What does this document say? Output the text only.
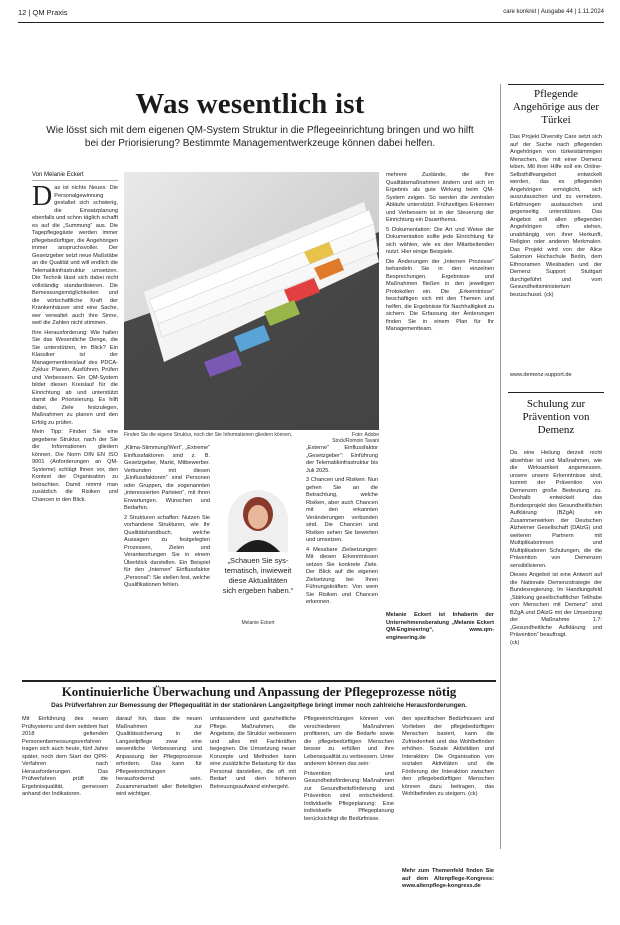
12 | QM Praxis	care konkret | Ausgabe 44 | 1.11.2024
Was wesentlich ist
Wie lösst sich mit dem eigenen QM-System Struktur in die Pflegeeinrichtung bringen und wo hilft bei der Priorisierung? Bestimmte Managementwerkzeuge können dabei helfen.
Von Melanie Eckert

Das ist nichts Neues: Die Personalgewinnung gestaltet sich schwierig, die Einsatzplanung ebenfalls und schon täglich schafft es auf die „Summung“ aus. Die Tagepflegegäste werden immer pflegebedürftiger, die Angehörigen immer anspruchsvoller. Der Gesetzgeber setzt neue Maßstäbe an die Qualität und will endlich die Telematikinfrastruktur umsetzen. Die Technik lässt sich dabei nicht vollständig standardisieren. Die Bemessungsmöglichkeiten und die wirtschaftliche Kraft der Krankenhäuser sind eine Sache, wer verwaltet auch ihre Sinne, weil die Zahlen nicht stimmen.

Ihre Herausforderung: Wie halten Sie das Wesentliche Denge, die Sie unterstützen, im Blick? Ein Klassiker ist der Managementkreislauf des PDCA-Zyklus: Planen, Ausführen, Prüfen und Verbessern. Ein QM-System bildet diesen Kreislauf für die Einrichtung ab und unterstützt damit die Priorisierung. Es hilft dabei, Ziele festzulegen, Maßnahmen zu planen und den Erfolg zu prüfen.

Mein Tipp: Finden Sie eine gegebene Struktur, nach der Sie die Informationen gliedern können. Die Norm DIN EN ISO 9001 (Anforderungen an QM-Systeme) schlägt Ihnen vor, den Kontext der Organisation zu betrachten. Damit nimmt man zusätzlich die Risiken und Chancen in den Blick.

Finden Sie die eigene Struktur, noch der Sie Informationen gliedern können.	Foto: Adobe Stock/Romolo Tavani

„Klima-Stimmung/Wert“, „Extreme“ Einflussfaktoren sind z. B. Gesetzgeber, Markt, Mitbewerber. Verbunden mit diesen „Einflussfaktoren“ sind Personen oder Gruppen, die sogenannten „interessierten Parteien“, mit ihren Erwartungen. Wünschen und Bedarfen.

2 Strukturen schaffen: Nutzen Sie vorhandene Strukturen, wie Ihr Qualitätshandbuch, welche Aussagen zu festgelegten Prozessen, Zielen und Verantwortungen Sie in einem Überblick darstellen. Ein Beispiel für den „Internen“ Einflussfaktor „Personal“: Sie stellen fest, welche Qualifikationen fehlen.

„Schauen Sie systematisch, inwieweit diese Aktualitäten sich ergeben haben.“
Melanie Eckert

„Externe“ Einflussfaktor „Gesetzgeber“: Einführung der Telematikinfrastruktur bis Juli 2025.

3 Chancen und Risiken: Nun gehen Sie an die Betrachtung, welche Risiken, aber auch Chancen mit den erkannten Veränderungen verbunden sind. Die Chancen und Risiken sehen Sie bewerten und umsetzen.

4 Messbare Zielsetzungen: Mit diesen Erkenntnissen setzen Sie konkrete Ziele. Der Blick auf die eigenen Zielsetzung bei Ihren Führungskräften: Von wem Sie Risiken und Chancen erkennen.

mehrere Zustände, die Ihre Qualitätsmaßnahmen ändern und sich im Ergebnis als gute Wirkung beim QM-System zeigen. So werden die zentralen Abläufe unterstützt. Frühzeitiges Erkennen und Verbessern ist in der Steuerung der Einrichtung ein Dauerthema.

5 Dokumentation: Die Art und Weise der Dokumentation sollte jede Einrichtung für sich wählen, wie es den Mitarbeitenden nutzt. Hier einige Beispiele.

Die Änderungen der „Internen Prozesse“ behandeln Sie in den einzelnen Besprechungen. Ergebnisse und Maßnahmen fließen in den jeweiligen Protokollen ein. Die „Erkenntnisse“ beschäftigen sich mit den Themen und helfen, die Ergebnisse für Nachhaltigkeit zu sichern. Die Erfassung der Änderungen finden Sie in einem Plan für Ihr Managementteam.

Melanie Eckert ist Inhaberin der Unternehmensberatung „Melanie Eckert QM-Engineering“, www.qm-engineering.de
Pflegende Angehörige aus der Türkei
Das Projekt Diversity Care setzt sich auf der Suche nach pflegenden Angehörigen von türkeistämmigen Menschen, die mit einer Demenz leben. Mit ihrer Hilfe soll ein Online-Selbsthilfeangebot entwickelt werden, das es pflegenden Angehörigen ermöglicht, sich auszutauschen und zu vernetzen. Erfahrungen austauschen und gegenseitig unterstützen. Das Angebot soll allen pflegenden Angehörigen offen stehen, unabhängig von ihrer Herkunft, Religion oder anderen Merkmalen. Das Projekt wird von der Alice Salomon Hochschule Berlin, dem Ethnoramen Wiesbaden und der Demenz Support Stuttgart durchgeführt und vom Gesundheitsministerium bezuschusst. (ck)
www.demenz-support.de
Schulung zur Prävention von Demenz

Da eine Heilung derzeit nicht absehbar ist und Maßnahmen, wie die Wirksamkeit angemessen, unsere unsere Erkenntnisse sind, kommt der Prävention von Demenzen große Bedeutung zu. Deshalb entwickelt das Bundesprojekt des Gesundheitlichen Aufklärung (BZgA) ein Zusammenwirken der Deutschen Alzheimer Gesellschaft (DAlzG) und weiteren Partnern mit Multiplikatorinnen und Multiplikatoren Schulungen, die die Prävention von Demenzen sensibilisieren.

Dieses Angebot ist eine Antwort auf die Nationale Demenzstrategie der Bundesregierung. Im Handlungsfeld „Stärkung gesellschaftlicher Teilhabe von Menschen mit Demenz“ sind BZgA und DAlzG mit der Umsetzung der Maßnahme 1.7: „Gesundheitliche Aufklärung und Prävention“ beauftragt.

(ck)

Kontinuierliche Überwachung und Anpassung der Pflegeprozesse nötig
Das Prüfverfahren zur Bemessung der Pflegequalität in der stationären Langzeitpflege bringt immer noch zahlreiche Herausforderungen.
Mit Einführung des neuen Prüfsystems und dem seitdem fast 2018 geltenden Personenbemessungsverfahren tragen sich auch heute, fünf Jahre später, noch dem Start der QPR-Verfahren nach Herausforderungen. Das Prüfverfahren prüft die Ergebnisqualität, gemessen anhand der Indikatoren.
darauf hin, dass die neuen Maßnahmen zur Qualitätssicherung in der Langzeitpflege zwar eine wesentliche Verbesserung und Anpassung der Pflegeprozesse erfordern. Das kann für Pflegeeinrichtungen herausfordernd sein. Zusammenarbeit aller Beteiligten wird wichtiger.
umfassendere und ganzheitliche Pflege. Maßnahmen, die Angebote, die Struktur verbessern und alles mit Fachkräften begegnen. Die Umsetzung neuer Konzepte und Methoden kann eine zusätzliche Belastung für das Personal darstellen, die oft mit Bedarf und dem höheren Betreuungsaufwand einhergeht.

Pflegeeinrichtungen können von verschiedenen Maßnahmen profitieren, um die Bedarfe sowie die pflegebedürftigen Menschen besser zu erfüllen und ihre Lebensqualität zu verbessern. Unter anderem können das sein:

Prävention und Gesundheitsförderung: Maßnahmen zur Gesundheitsförderung und Prävention sind entscheidend. Individuelle Pflegeplanung: Eine individuelle Pflegeplanung berücksichtigt die Bedürfnisse.

den spezifischen Bedürfnissen und Vorlieben der pflegebedürftigen Menschen basiert, kann die Zufriedenheit und das Wohlbefinden erhöhen. Soziale Aktivitäten und Interaktion: Die Organisation von sozialen Aktivitäten und die Förderung der Interaktion zwischen den pflegebedürftigen Menschen können dazu beitragen, das Wohlbefinden zu steigern. (ck)
Mehr zum Themenfeld finden Sie auf dem Altenpflege-Kongress: www.altenpflege-kongress.de
